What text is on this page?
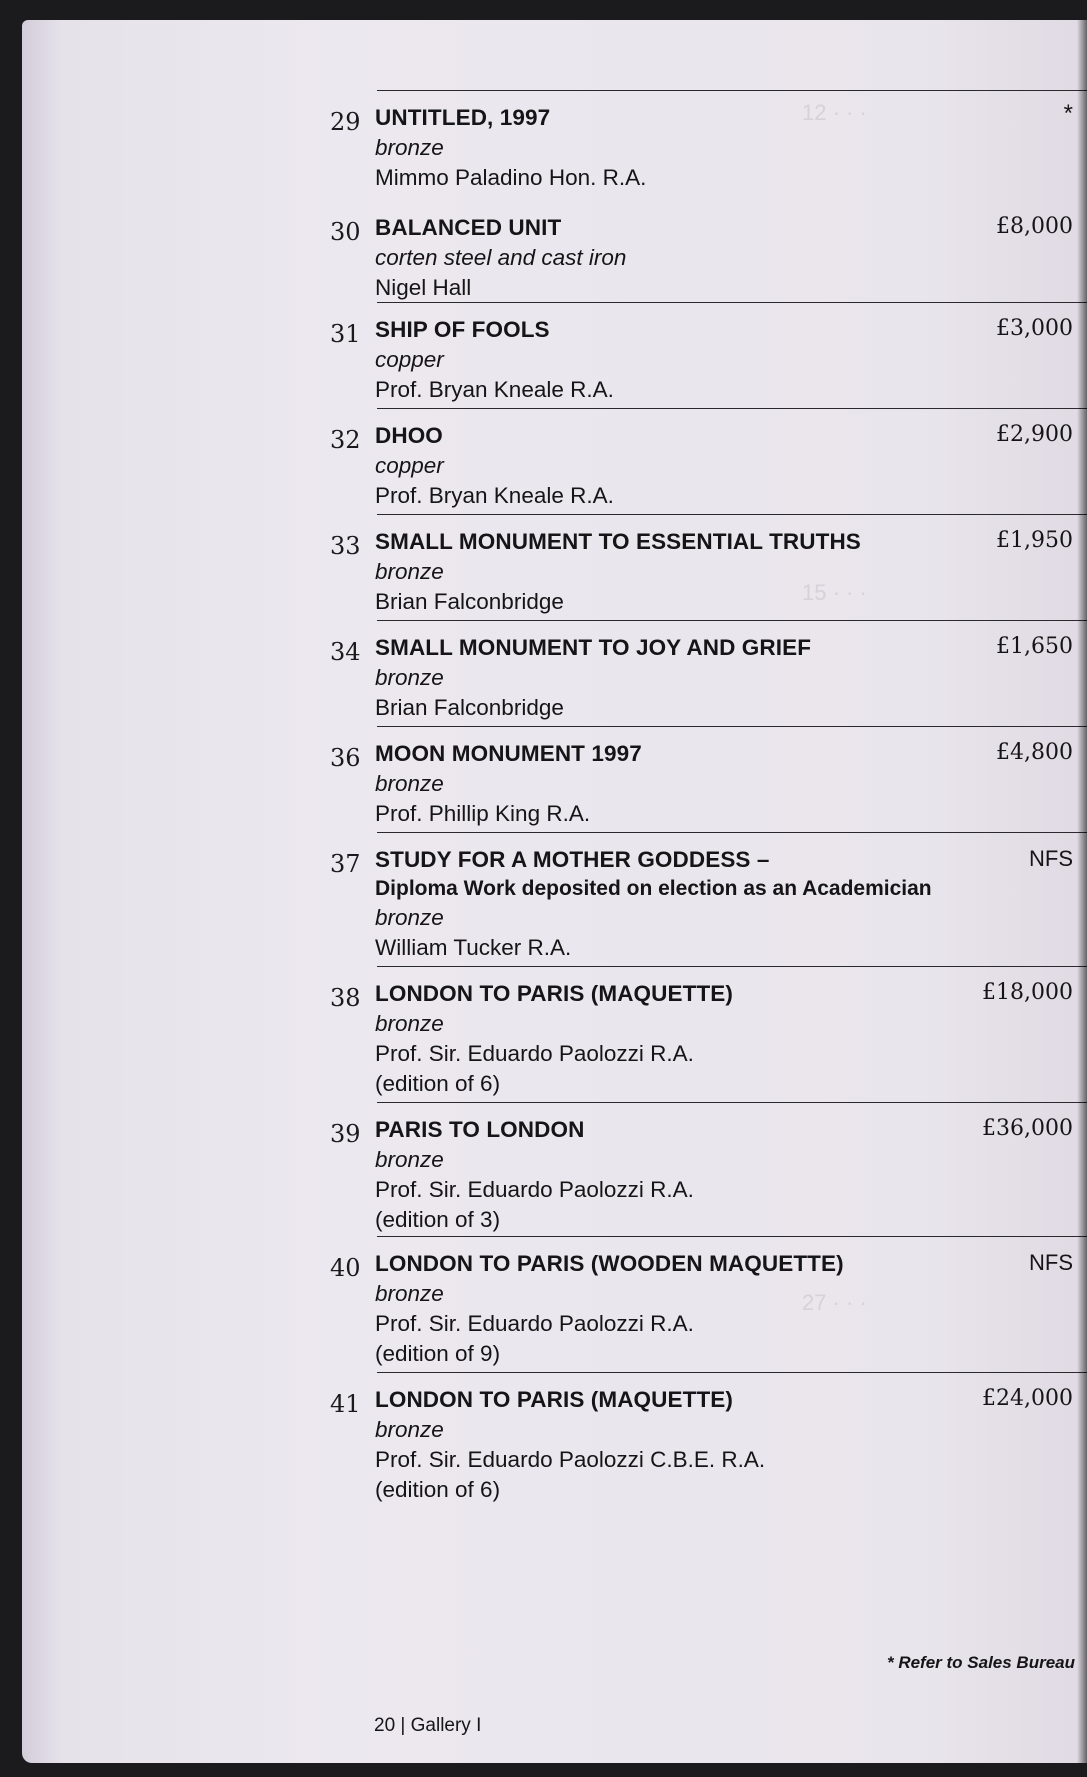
12 · · ·
15 · · ·
27 · · ·
29 UNTITLED, 1997
bronze
Mimmo Paladino Hon. R.A.
*
30 BALANCED UNIT
corten steel and cast iron
Nigel Hall
£8,000
31 SHIP OF FOOLS
copper
Prof. Bryan Kneale R.A.
£3,000
32 DHOO
copper
Prof. Bryan Kneale R.A.
£2,900
33 SMALL MONUMENT TO ESSENTIAL TRUTHS
bronze
Brian Falconbridge
£1,950
34 SMALL MONUMENT TO JOY AND GRIEF
bronze
Brian Falconbridge
£1,650
36 MOON MONUMENT 1997
bronze
Prof. Phillip King R.A.
£4,800
37 STUDY FOR A MOTHER GODDESS –
Diploma Work deposited on election as an Academician
bronze
William Tucker R.A.
NFS
38 LONDON TO PARIS (MAQUETTE)
bronze
Prof. Sir. Eduardo Paolozzi R.A.
(edition of 6)
£18,000
39 PARIS TO LONDON
bronze
Prof. Sir. Eduardo Paolozzi R.A.
(edition of 3)
£36,000
40 LONDON TO PARIS (WOODEN MAQUETTE)
bronze
Prof. Sir. Eduardo Paolozzi R.A.
(edition of 9)
NFS
41 LONDON TO PARIS (MAQUETTE)
bronze
Prof. Sir. Eduardo Paolozzi C.B.E. R.A.
(edition of 6)
£24,000
* Refer to Sales Bureau
20 | Gallery I
